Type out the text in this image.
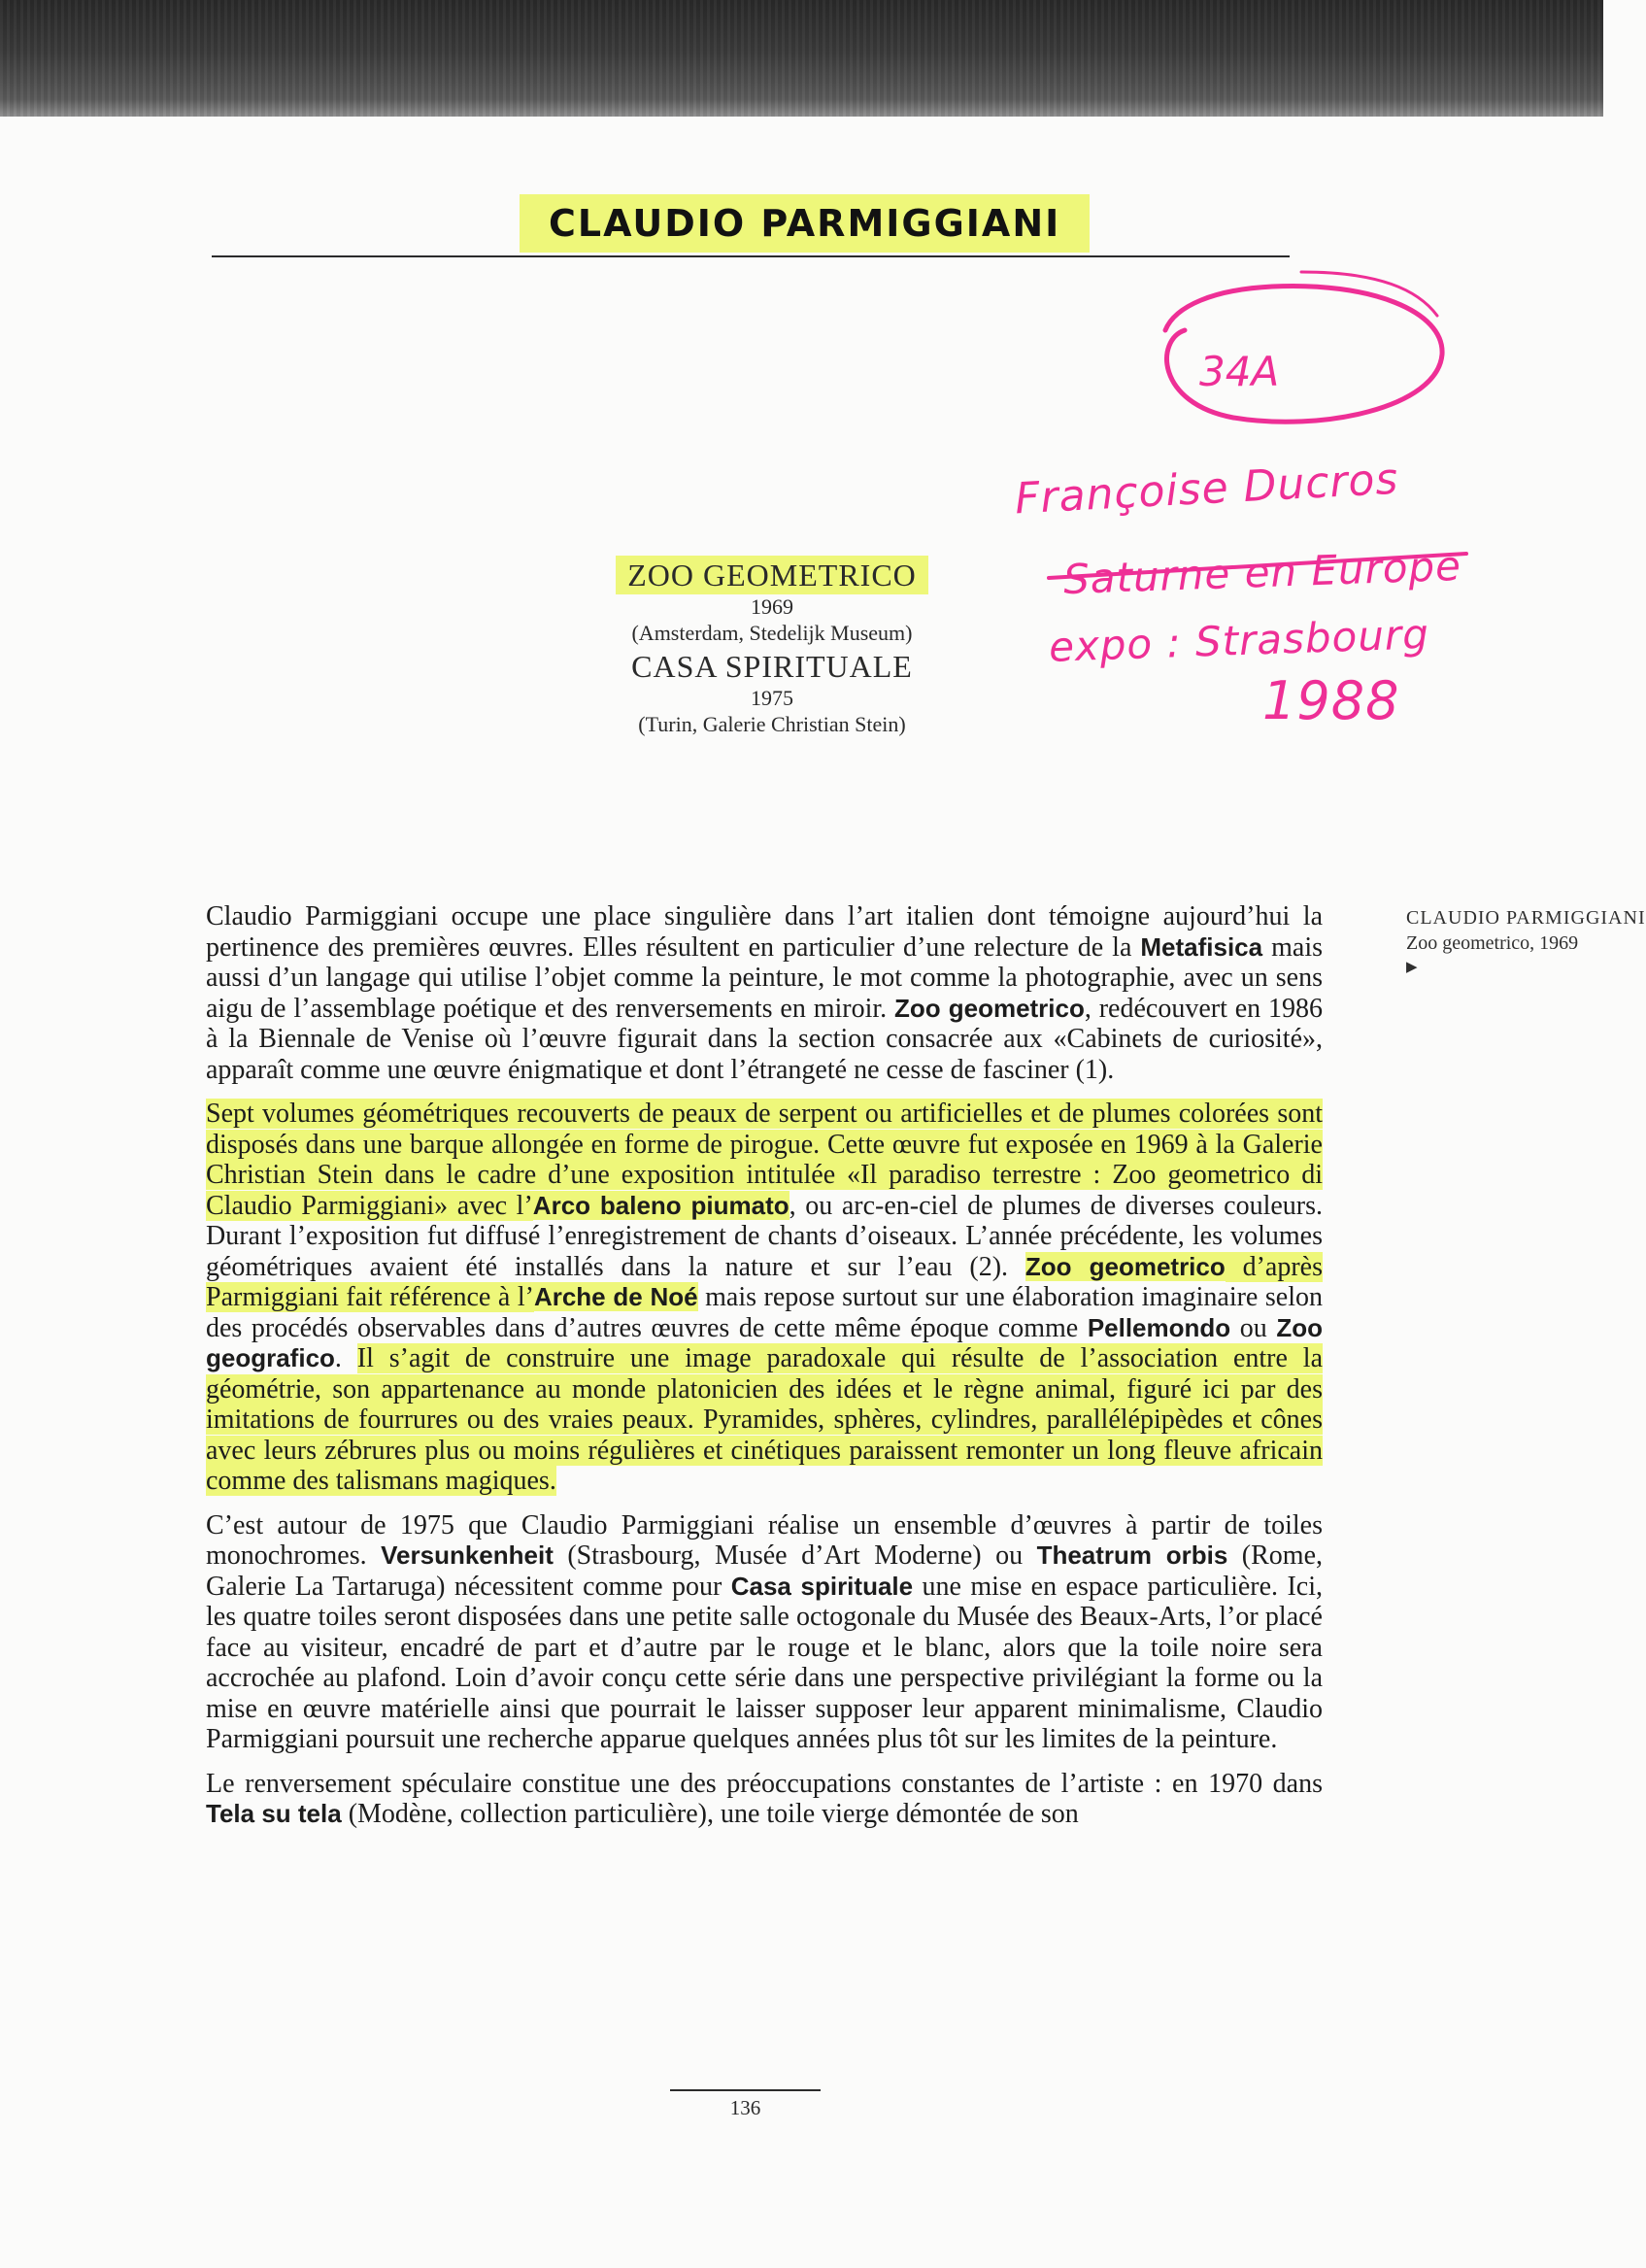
CLAUDIO PARMIGGIANI
34A
Françoise Ducros
Saturne en Europe
expo : Strasbourg
1988
ZOO GEOMETRICO
1969
(Amsterdam, Stedelijk Museum)
CASA SPIRITUALE
1975
(Turin, Galerie Christian Stein)
CLAUDIO PARMIGGIANI
Zoo geometrico, 1969
▶

Claudio Parmiggiani occupe une place singulière dans l’art italien dont témoigne aujourd’hui la pertinence des premières œuvres. Elles résultent en particulier d’une relecture de la Metafisica mais aussi d’un langage qui utilise l’objet comme la peinture, le mot comme la photographie, avec un sens aigu de l’assemblage poétique et des renversements en miroir. Zoo geometrico, redécouvert en 1986 à la Biennale de Venise où l’œuvre figurait dans la section consacrée aux «Cabinets de curiosité», apparaît comme une œuvre énigmatique et dont l’étrangeté ne cesse de fasciner (1).

Sept volumes géométriques recouverts de peaux de serpent ou artificielles et de plumes colorées sont disposés dans une barque allongée en forme de pirogue. Cette œuvre fut exposée en 1969 à la Galerie Christian Stein dans le cadre d’une exposition intitulée «Il paradiso terrestre : Zoo geometrico di Claudio Parmiggiani» avec l’Arco baleno piumato, ou arc-en-ciel de plumes de diverses couleurs. Durant l’exposition fut diffusé l’enregistrement de chants d’oiseaux. L’année précédente, les volumes géométriques avaient été installés dans la nature et sur l’eau (2). Zoo geometrico d’après Parmiggiani fait référence à l’Arche de Noé mais repose surtout sur une élaboration imaginaire selon des procédés observables dans d’autres œuvres de cette même époque comme Pellemondo ou Zoo geografico. Il s’agit de construire une image paradoxale qui résulte de l’association entre la géométrie, son appartenance au monde platonicien des idées et le règne animal, figuré ici par des imitations de fourrures ou des vraies peaux. Pyramides, sphères, cylindres, parallélépipèdes et cônes avec leurs zébrures plus ou moins régulières et cinétiques paraissent remonter un long fleuve africain comme des talismans magiques.

C’est autour de 1975 que Claudio Parmiggiani réalise un ensemble d’œuvres à partir de toiles monochromes. Versunkenheit (Strasbourg, Musée d’Art Moderne) ou Theatrum orbis (Rome, Galerie La Tartaruga) nécessitent comme pour Casa spirituale une mise en espace particulière. Ici, les quatre toiles seront disposées dans une petite salle octogonale du Musée des Beaux-Arts, l’or placé face au visiteur, encadré de part et d’autre par le rouge et le blanc, alors que la toile noire sera accrochée au plafond. Loin d’avoir conçu cette série dans une perspective privilégiant la forme ou la mise en œuvre matérielle ainsi que pourrait le laisser supposer leur apparent minimalisme, Claudio Parmiggiani poursuit une recherche apparue quelques années plus tôt sur les limites de la peinture.

Le renversement spéculaire constitue une des préoccupations constantes de l’artiste : en 1970 dans Tela su tela (Modène, collection particulière), une toile vierge démontée de son

136
